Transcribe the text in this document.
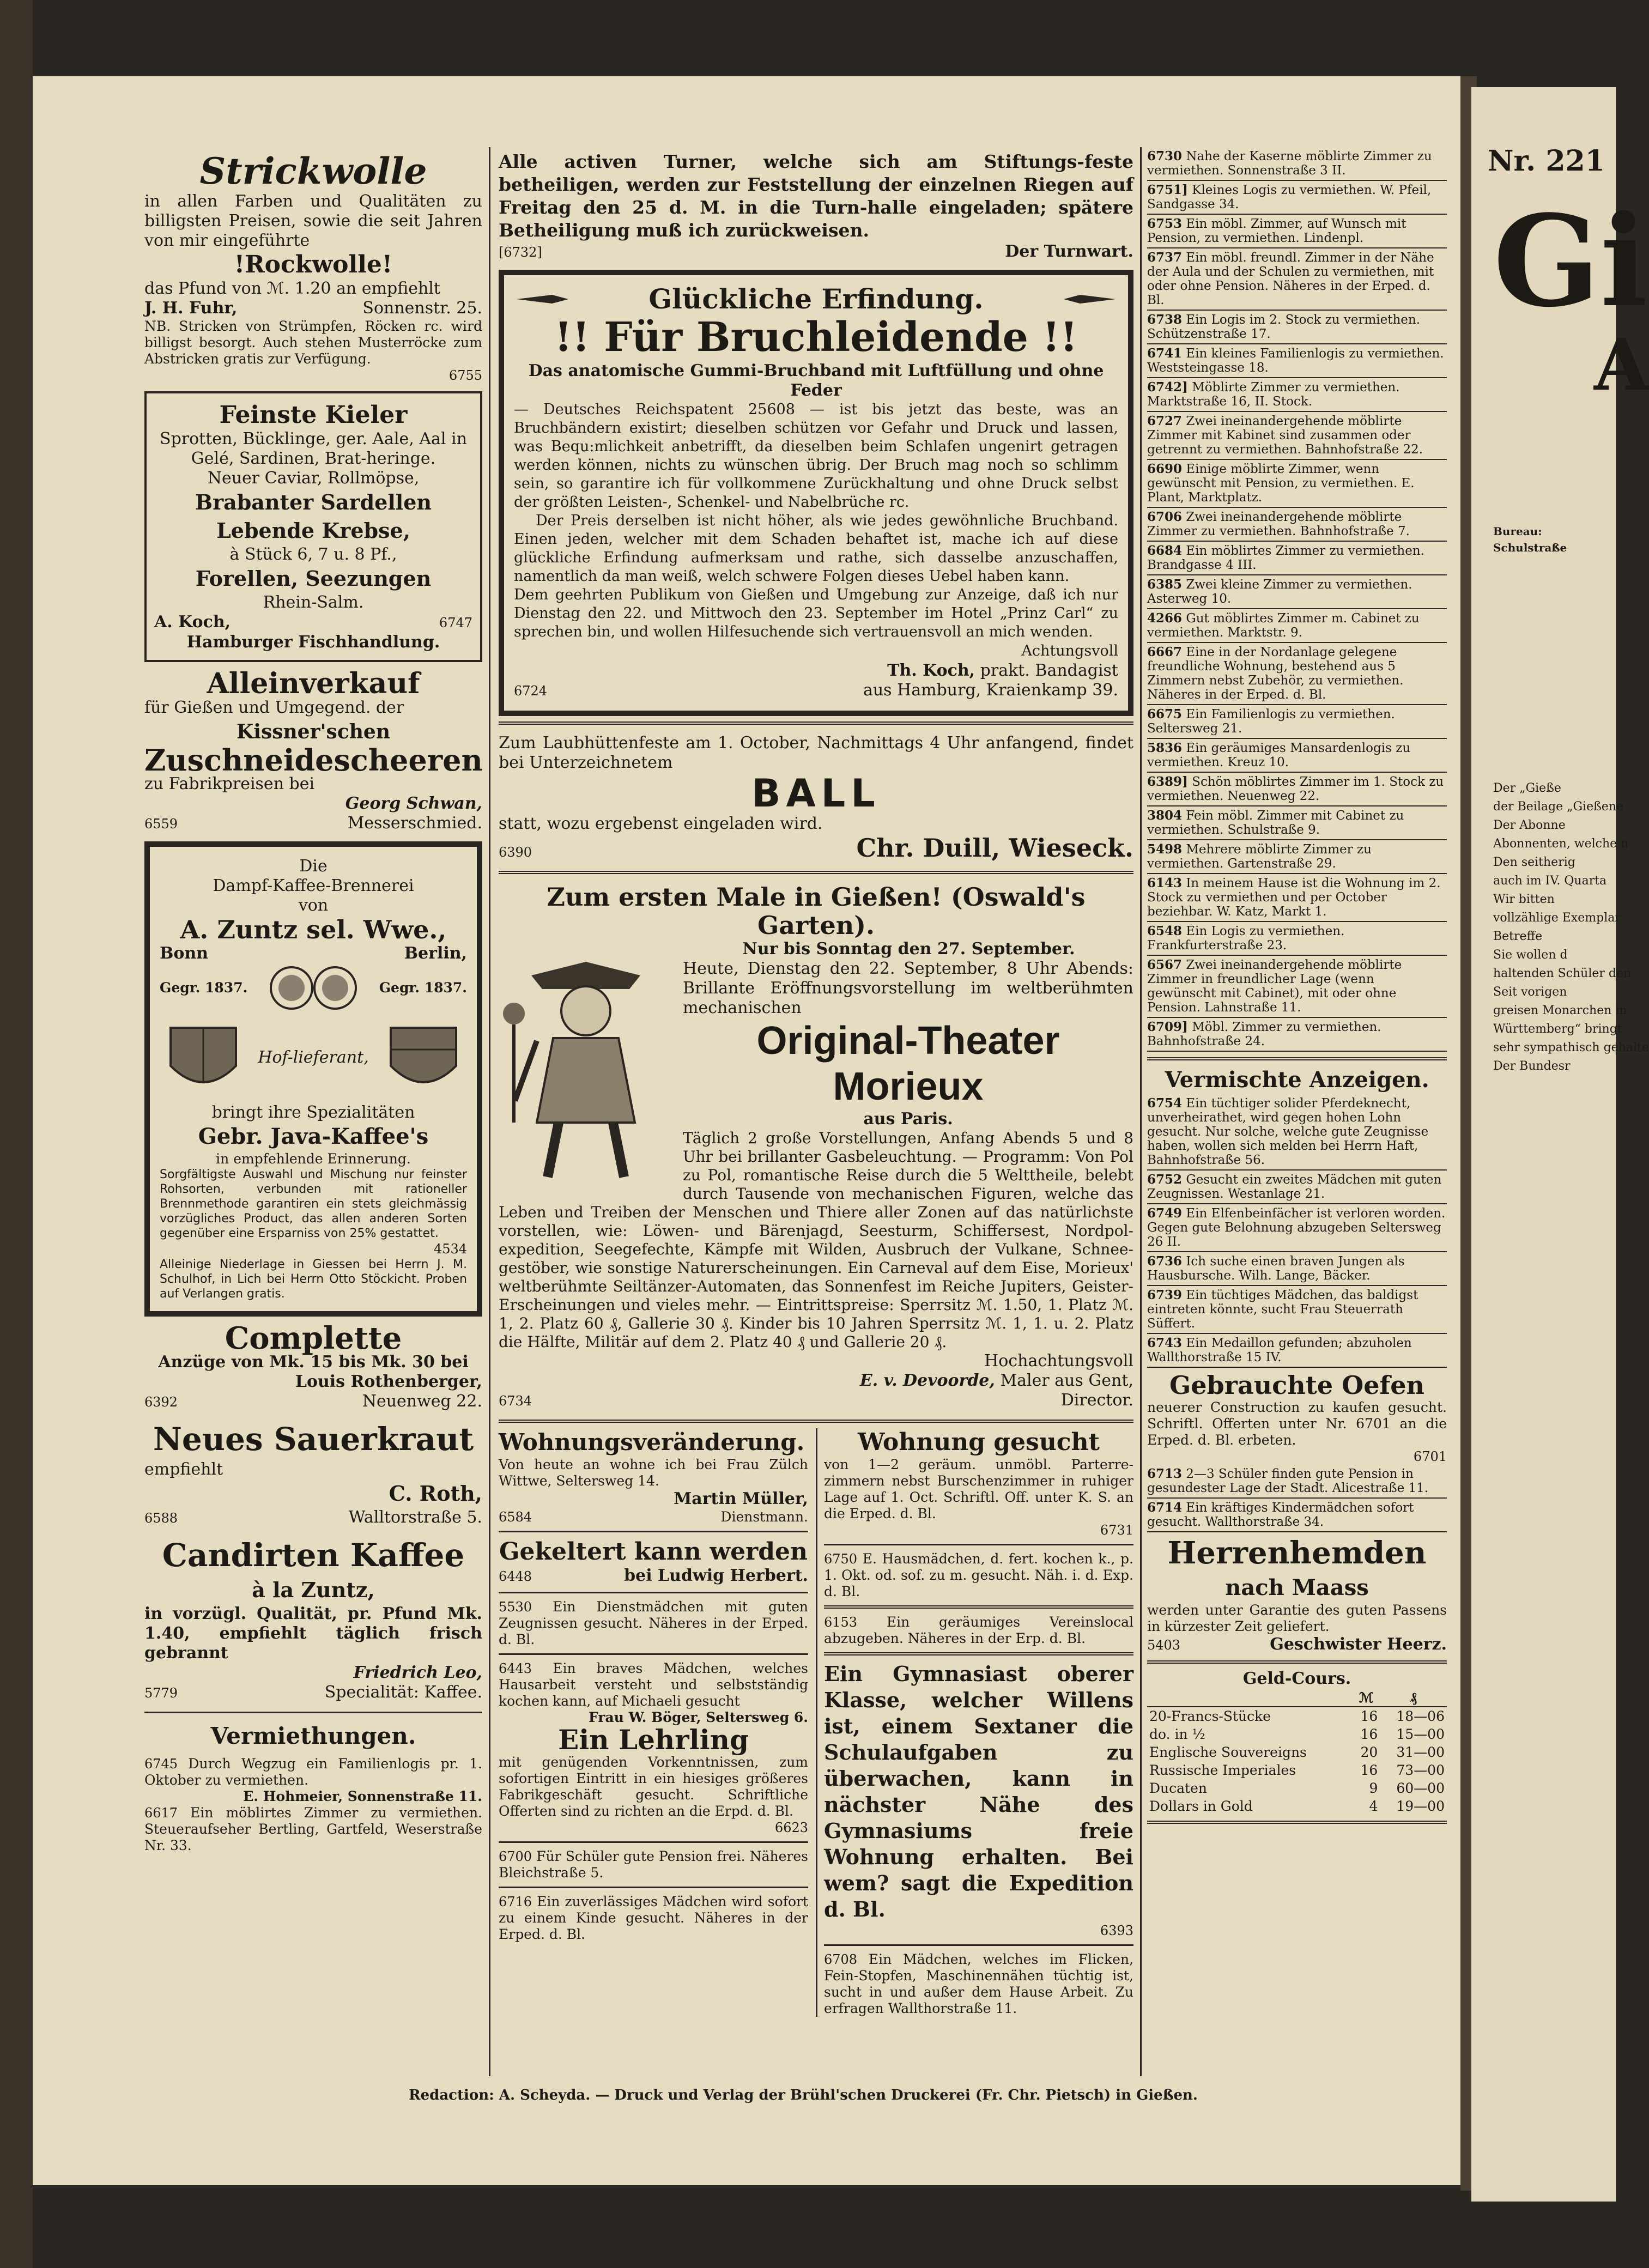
Strickwolle
in allen Farben und Qualitäten zu billigsten Preisen, sowie die seit Jahren von mir eingeführte
!Rockwolle!
das Pfund von ℳ. 1.20 an empfiehlt
J. H. Fuhr,	Sonnenstr. 25.
NB. Stricken von Strümpfen, Röcken rc. wird billigst besorgt. Auch stehen Musterröcke zum Abstricken gratis zur Verfügung.
6755
Feinste Kieler
Sprotten, Bücklinge, ger. Aale, Aal in Gelé, Sardinen, Brat-heringe.
Neuer Caviar, Rollmöpse,
Brabanter Sardellen
Lebende Krebse,
à Stück 6, 7 u. 8 Pf.,
Forellen, Seezungen
Rhein-Salm.
A. Koch,	6747
Hamburger Fischhandlung.
Alleinverkauf
für Gießen und Umgegend. der
Kissner'schen
Zuschneidescheeren
zu Fabrikpreisen bei
Georg Schwan,
6559	Messerschmied.
Die
Dampf-Kaffee-Brennerei
von
A. Zuntz sel. Wwe.,
Bonn	Berlin,
Gegr. 1837.	Gegr. 1837.
Hof-lieferant,
bringt ihre Spezialitäten
Gebr. Java-Kaffee's
in empfehlende Erinnerung.
Sorgfältigste Auswahl und Mischung nur feinster Rohsorten, verbunden mit rationeller Brennmethode garantiren ein stets gleichmässig vorzügliches Product, das allen anderen Sorten gegenüber eine Ersparniss von 25% gestattet.
4534
Alleinige Niederlage in Giessen bei Herrn J. M. Schulhof, in Lich bei Herrn Otto Stöckicht. Proben auf Verlangen gratis.
Complette
Anzüge von Mk. 15 bis Mk. 30 bei
Louis Rothenberger,
6392	Neuenweg 22.
Neues Sauerkraut
empfiehlt
C. Roth,
6588	Walltorstraße 5.
Candirten Kaffee
à la Zuntz,
in vorzügl. Qualität, pr. Pfund Mk. 1.40, empfiehlt täglich frisch gebrannt
Friedrich Leo,
5779	Specialität: Kaffee.
Vermiethungen.
6745 Durch Wegzug ein Familienlogis pr. 1. Oktober zu vermiethen.
E. Hohmeier, Sonnenstraße 11.
6617 Ein möblirtes Zimmer zu vermiethen. Steueraufseher Bertling, Gartfeld, Weserstraße Nr. 33.
Alle activen Turner, welche sich am Stiftungs-feste betheiligen, werden zur Feststellung der einzelnen Riegen auf Freitag den 25 d. M. in die Turn-halle eingeladen; spätere Betheiligung muß ich zurückweisen.
[6732]	Der Turnwart.
Glückliche Erfindung.
!! Für Bruchleidende !!
Das anatomische Gummi-Bruchband mit Luftfüllung und ohne Feder
— Deutsches Reichspatent 25608 — ist bis jetzt das beste, was an Bruchbändern existirt; dieselben schützen vor Gefahr und Druck und lassen, was Bequ:mlichkeit anbetrifft, da dieselben beim Schlafen ungenirt getragen werden können, nichts zu wünschen übrig. Der Bruch mag noch so schlimm sein, so garantire ich für vollkommene Zurückhaltung und ohne Druck selbst der größten Leisten-, Schenkel- und Nabelbrüche rc.
Der Preis derselben ist nicht höher, als wie jedes gewöhnliche Bruchband. Einen jeden, welcher mit dem Schaden behaftet ist, mache ich auf diese glückliche Erfindung aufmerksam und rathe, sich dasselbe anzuschaffen, namentlich da man weiß, welch schwere Folgen dieses Uebel haben kann.
Dem geehrten Publikum von Gießen und Umgebung zur Anzeige, daß ich nur Dienstag den 22. und Mittwoch den 23. September im Hotel „Prinz Carl“ zu sprechen bin, und wollen Hilfesuchende sich vertrauensvoll an mich wenden.
Achtungsvoll
Th. Koch, prakt. Bandagist
6724	aus Hamburg, Kraienkamp 39.
Zum Laubhüttenfeste am 1. October, Nachmittags 4 Uhr anfangend, findet bei Unterzeichnetem
BALL
statt, wozu ergebenst eingeladen wird.
6390	Chr. Duill, Wieseck.
Zum ersten Male in Gießen! (Oswald's Garten).
Nur bis Sonntag den 27. September.
Heute, Dienstag den 22. September, 8 Uhr Abends: Brillante Eröffnungsvorstellung im weltberühmten mechanischen
Original-Theater Morieux
aus Paris.
Täglich 2 große Vorstellungen, Anfang Abends 5 und 8 Uhr bei brillanter Gasbeleuchtung. — Programm: Von Pol zu Pol, romantische Reise durch die 5 Welttheile, belebt durch Tausende von mechanischen Figuren, welche das Leben und Treiben der Menschen und Thiere aller Zonen auf das natürlichste vorstellen, wie: Löwen- und Bärenjagd, Seesturm, Schiffersest, Nordpol-expedition, Seegefechte, Kämpfe mit Wilden, Ausbruch der Vulkane, Schnee-gestöber, wie sonstige Naturerscheinungen. Ein Carneval auf dem Eise, Morieux' weltberühmte Seiltänzer-Automaten, das Sonnenfest im Reiche Jupiters, Geister-Erscheinungen und vieles mehr. — Eintrittspreise: Sperrsitz ℳ. 1.50, 1. Platz ℳ. 1, 2. Platz 60 ₰, Gallerie 30 ₰. Kinder bis 10 Jahren Sperrsitz ℳ. 1, 1. u. 2. Platz die Hälfte, Militär auf dem 2. Platz 40 ₰ und Gallerie 20 ₰.
Hochachtungsvoll
E. v. Devoorde, Maler aus Gent,
6734	Director.
Wohnungsveränderung.
Von heute an wohne ich bei Frau Zülch Wittwe, Seltersweg 14.
Martin Müller,
6584	Dienstmann.
Gekeltert kann werden
6448	bei Ludwig Herbert.
5530 Ein Dienstmädchen mit guten Zeugnissen gesucht. Näheres in der Erped. d. Bl.
6443 Ein braves Mädchen, welches Hausarbeit versteht und selbstständig kochen kann, auf Michaeli gesucht
Frau W. Böger, Seltersweg 6.
Ein Lehrling
mit genügenden Vorkenntnissen, zum sofortigen Eintritt in ein hiesiges größeres Fabrikgeschäft gesucht. Schriftliche Offerten sind zu richten an die Erpd. d. Bl.
6623
6700 Für Schüler gute Pension frei. Näheres Bleichstraße 5.
6716 Ein zuverlässiges Mädchen wird sofort zu einem Kinde gesucht. Näheres in der Erped. d. Bl.
Wohnung gesucht
von 1—2 geräum. unmöbl. Parterre-zimmern nebst Burschenzimmer in ruhiger Lage auf 1. Oct. Schriftl. Off. unter K. S. an die Erped. d. Bl.
6731
6750 E. Hausmädchen, d. fert. kochen k., p. 1. Okt. od. sof. zu m. gesucht. Näh. i. d. Exp. d. Bl.
6153 Ein geräumiges Vereinslocal abzugeben. Näheres in der Erp. d. Bl.
Ein Gymnasiast oberer Klasse, welcher Willens ist, einem Sextaner die Schulaufgaben zu überwachen, kann in nächster Nähe des Gymnasiums freie Wohnung erhalten. Bei wem? sagt die Expedition d. Bl.
6393
6708 Ein Mädchen, welches im Flicken, Fein-Stopfen, Maschinennähen tüchtig ist, sucht in und außer dem Hause Arbeit. Zu erfragen Wallthorstraße 11.
6730 Nahe der Kaserne möblirte Zimmer zu vermiethen. Sonnenstraße 3 II.
6751] Kleines Logis zu vermiethen. W. Pfeil, Sandgasse 34.
6753 Ein möbl. Zimmer, auf Wunsch mit Pension, zu vermiethen. Lindenpl.
6737 Ein möbl. freundl. Zimmer in der Nähe der Aula und der Schulen zu vermiethen, mit oder ohne Pension. Näheres in der Erped. d. Bl.
6738 Ein Logis im 2. Stock zu vermiethen. Schützenstraße 17.
6741 Ein kleines Familienlogis zu vermiethen. Weststeingasse 18.
6742] Möblirte Zimmer zu vermiethen. Marktstraße 16, II. Stock.
6727 Zwei ineinandergehende möblirte Zimmer mit Kabinet sind zusammen oder getrennt zu vermiethen. Bahnhofstraße 22.
6690 Einige möblirte Zimmer, wenn gewünscht mit Pension, zu vermiethen. E. Plant, Marktplatz.
6706 Zwei ineinandergehende möblirte Zimmer zu vermiethen. Bahnhofstraße 7.
6684 Ein möblirtes Zimmer zu vermiethen. Brandgasse 4 III.
6385 Zwei kleine Zimmer zu vermiethen. Asterweg 10.
4266 Gut möblirtes Zimmer m. Cabinet zu vermiethen. Marktstr. 9.
6667 Eine in der Nordanlage gelegene freundliche Wohnung, bestehend aus 5 Zimmern nebst Zubehör, zu vermiethen. Näheres in der Erped. d. Bl.
6675 Ein Familienlogis zu vermiethen. Seltersweg 21.
5836 Ein geräumiges Mansardenlogis zu vermiethen. Kreuz 10.
6389] Schön möblirtes Zimmer im 1. Stock zu vermiethen. Neuenweg 22.
3804 Fein möbl. Zimmer mit Cabinet zu vermiethen. Schulstraße 9.
5498 Mehrere möblirte Zimmer zu vermiethen. Gartenstraße 29.
6143 In meinem Hause ist die Wohnung im 2. Stock zu vermiethen und per October beziehbar. W. Katz, Markt 1.
6548 Ein Logis zu vermiethen. Frankfurterstraße 23.
6567 Zwei ineinandergehende möblirte Zimmer in freundlicher Lage (wenn gewünscht mit Cabinet), mit oder ohne Pension. Lahnstraße 11.
6709] Möbl. Zimmer zu vermiethen. Bahnhofstraße 24.
Vermischte Anzeigen.
6754 Ein tüchtiger solider Pferdeknecht, unverheirathet, wird gegen hohen Lohn gesucht. Nur solche, welche gute Zeugnisse haben, wollen sich melden bei Herrn Haft, Bahnhofstraße 56.
6752 Gesucht ein zweites Mädchen mit guten Zeugnissen. Westanlage 21.
6749 Ein Elfenbeinfächer ist verloren worden. Gegen gute Belohnung abzugeben Seltersweg 26 II.
6736 Ich suche einen braven Jungen als Hausbursche. Wilh. Lange, Bäcker.
6739 Ein tüchtiges Mädchen, das baldigst eintreten könnte, sucht Frau Steuerrath Süffert.
6743 Ein Medaillon gefunden; abzuholen Wallthorstraße 15 IV.
Gebrauchte Oefen
neuerer Construction zu kaufen gesucht. Schriftl. Offerten unter Nr. 6701 an die Erped. d. Bl. erbeten.
6701
6713 2—3 Schüler finden gute Pension in gesundester Lage der Stadt. Alicestraße 11.
6714 Ein kräftiges Kindermädchen sofort gesucht. Wallthorstraße 34.
Herrenhemden
nach Maass
werden unter Garantie des guten Passens in kürzester Zeit geliefert.
5403	Geschwister Heerz.
Geld-Cours.
	ℳ	₰
20-Francs-Stücke	16	18—06
do. in ½	16	15—00
Englische Souvereigns	20	31—00
Russische Imperiales	16	73—00
Ducaten	9	60—00
Dollars in Gold	4	19—00
Redaction: A. Scheyda. — Druck und Verlag der Brühl'schen Druckerei (Fr. Chr. Pietsch) in Gießen.
Nr. 221
Gi
A
Bureau: Schulstraße
Der „Gieße
der Beilage „Gießene
Der Abonne
Abonnenten, welche n
Den seitherig
auch im IV. Quarta
Wir bitten
vollzählige Exemplar
Betreffe
Sie wollen d
haltenden Schüler den
Seit vorigen
greisen Monarchen in
Württemberg“ bringt
sehr sympathisch gehalte
Der Bundesr
